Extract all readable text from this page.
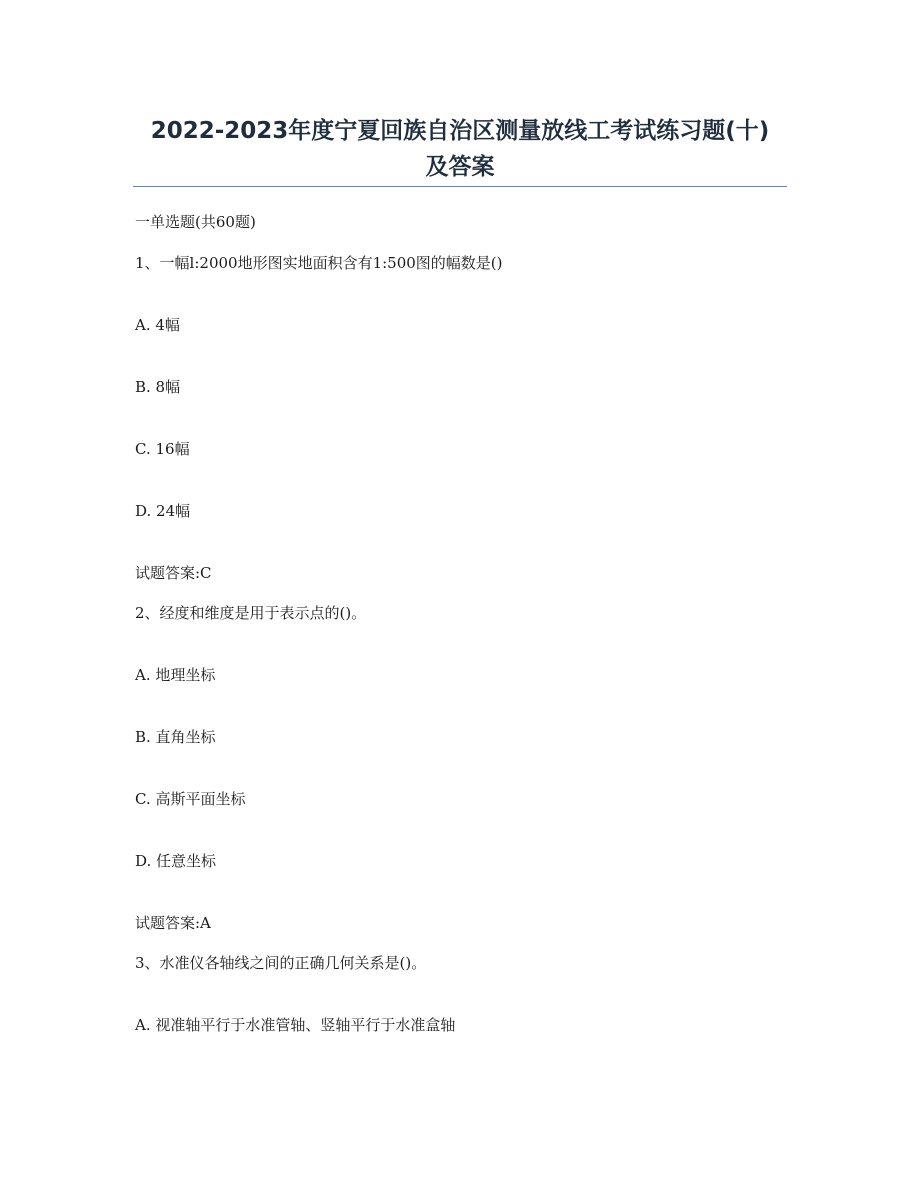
2022-2023年度宁夏回族自治区测量放线工考试练习题(十)
及答案
一单选题(共60题)
1、一幅l:2000地形图实地面积含有1:500图的幅数是()
A. 4幅
B. 8幅
C. 16幅
D. 24幅
试题答案:C
2、经度和维度是用于表示点的()。
A. 地理坐标
B. 直角坐标
C. 高斯平面坐标
D. 任意坐标
试题答案:A
3、水准仪各轴线之间的正确几何关系是()。
A. 视准轴平行于水准管轴、竖轴平行于水准盒轴
